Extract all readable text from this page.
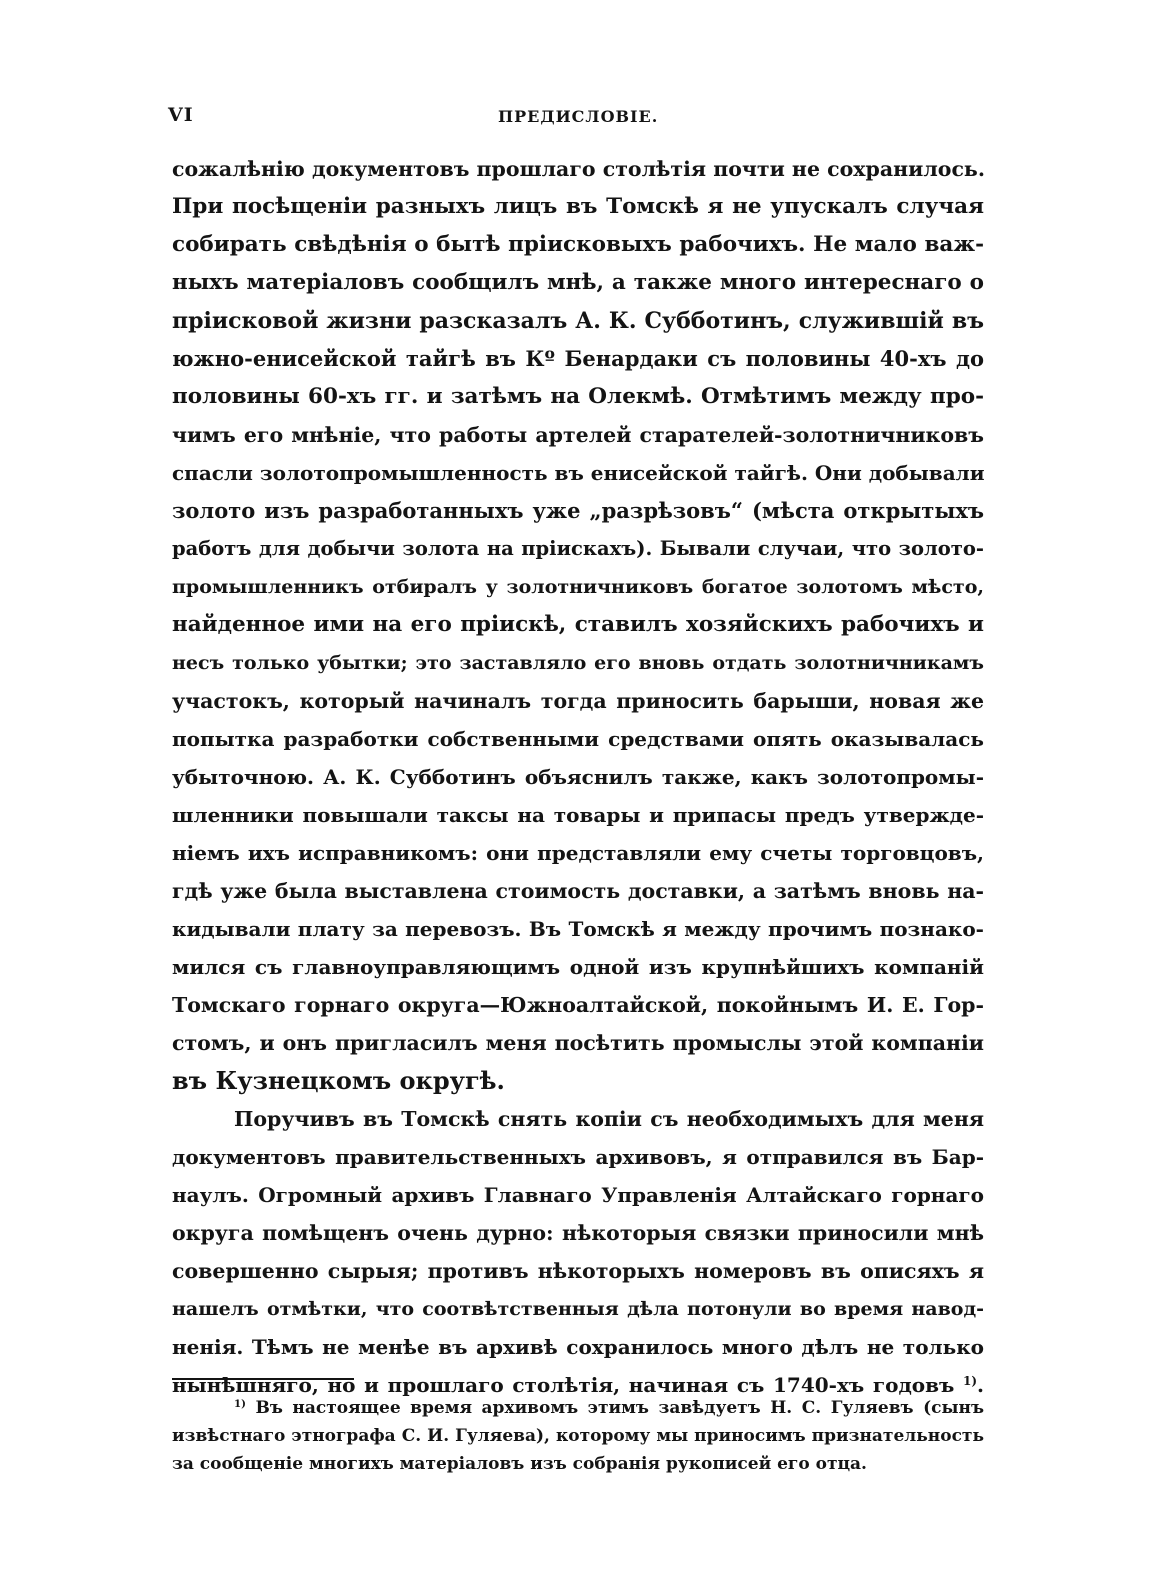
VI	ПРЕДИСЛОВІЕ.
сожалѣнію документовъ прошлаго столѣтія почти не сохранилось.
При посѣщеніи разныхъ лицъ въ Томскѣ я не упускалъ случая
собирать свѣдѣнія о бытѣ пріисковыхъ рабочихъ. Не мало важ-
ныхъ матеріаловъ сообщилъ мнѣ, а также много интереснаго о
пріисковой жизни разсказалъ А. К. Субботинъ, служившій въ
южно-енисейской тайгѣ въ Кº Бенардаки съ половины 40-хъ до
половины 60-хъ гг. и затѣмъ на Олекмѣ. Отмѣтимъ между про-
чимъ его мнѣніе, что работы артелей старателей-золотничниковъ
спасли золотопромышленность въ енисейской тайгѣ. Они добывали
золото изъ разработанныхъ уже „разрѣзовъ“ (мѣста открытыхъ
работъ для добычи золота на пріискахъ). Бывали случаи, что золото-
промышленникъ отбиралъ у золотничниковъ богатое золотомъ мѣсто,
найденное ими на его пріискѣ, ставилъ хозяйскихъ рабочихъ и
несъ только убытки; это заставляло его вновь отдать золотничникамъ
участокъ, который начиналъ тогда приносить барыши, новая же
попытка разработки собственными средствами опять оказывалась
убыточною. А. К. Субботинъ объяснилъ также, какъ золотопромы-
шленники повышали таксы на товары и припасы предъ утвержде-
ніемъ ихъ исправникомъ: они представляли ему счеты торговцовъ,
гдѣ уже была выставлена стоимость доставки, а затѣмъ вновь на-
кидывали плату за перевозъ. Въ Томскѣ я между прочимъ познако-
мился съ главноуправляющимъ одной изъ крупнѣйшихъ компаній
Томскаго горнаго округа—Южноалтайской, покойнымъ И. Е. Гор-
стомъ, и онъ пригласилъ меня посѣтить промыслы этой компаніи
въ Кузнецкомъ округѣ.
Поручивъ въ Томскѣ снять копіи съ необходимыхъ для меня
документовъ правительственныхъ архивовъ, я отправился въ Бар-
наулъ. Огромный архивъ Главнаго Управленія Алтайскаго горнаго
округа помѣщенъ очень дурно: нѣкоторыя связки приносили мнѣ
совершенно сырыя; противъ нѣкоторыхъ номеровъ въ описяхъ я
нашелъ отмѣтки, что соотвѣтственныя дѣла потонули во время навод-
ненія. Тѣмъ не менѣе въ архивѣ сохранилось много дѣлъ не только
нынѣшняго, но и прошлаго столѣтія, начиная съ 1740-хъ годовъ $^{1)}$.
$^{1)}$ Въ настоящее время архивомъ этимъ завѣдуетъ Н. С. Гуляевъ (сынъ
извѣстнаго этнографа С. И. Гуляева), которому мы приносимъ признательность
за сообщеніе многихъ матеріаловъ изъ собранія рукописей его отца.
